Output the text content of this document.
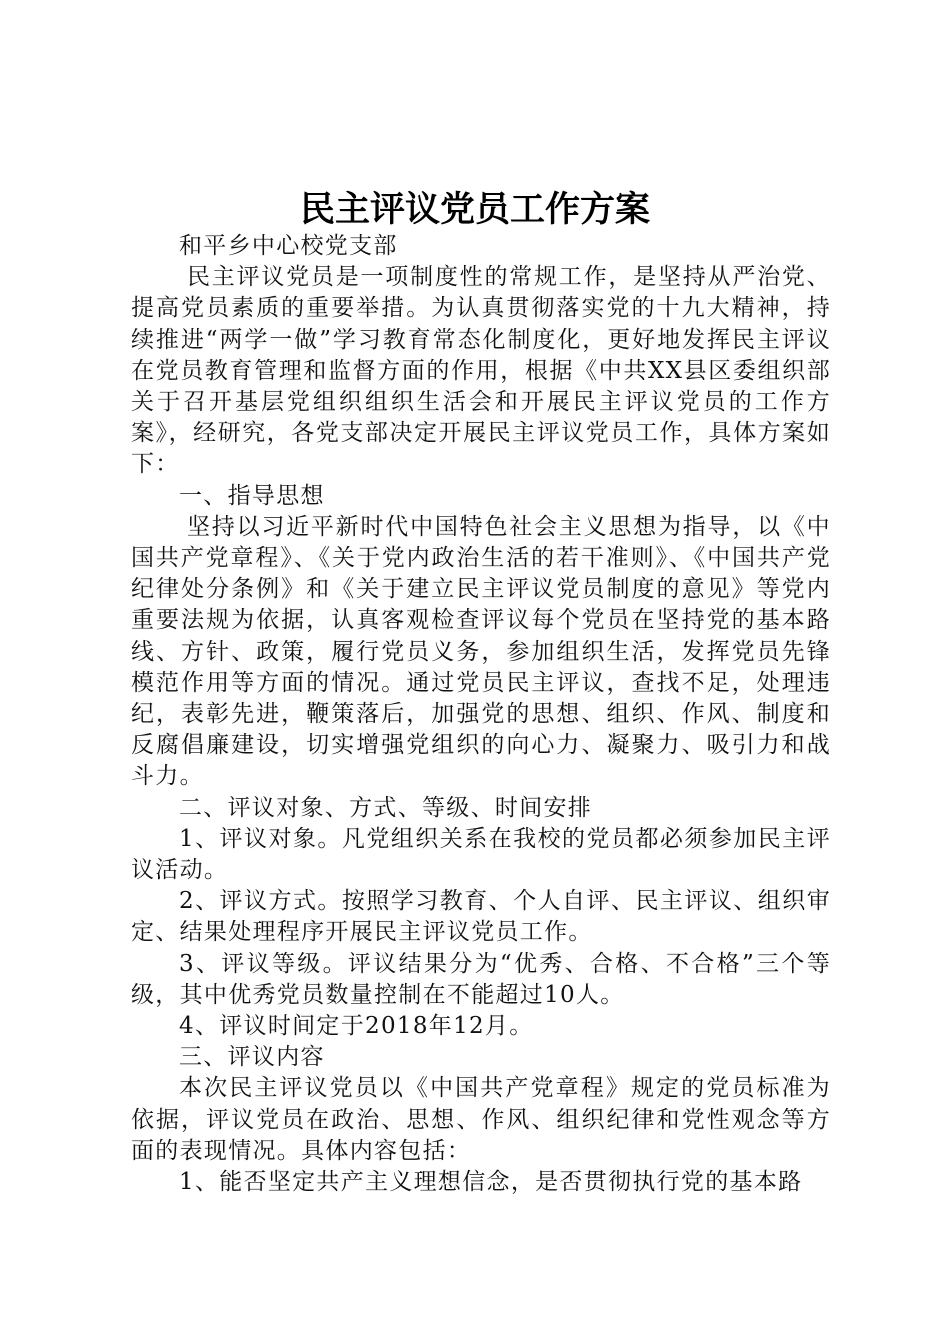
民主评议党员工作方案

和平乡中心校党支部

民主评议党员是一项制度性的常规工作，是坚持从严治党、提高党员素质的重要举措。为认真贯彻落实党的十九大精神，持续推进“两学一做”学习教育常态化制度化，更好地发挥民主评议在党员教育管理和监督方面的作用，根据《中共XX县区委组织部关于召开基层党组织组织生活会和开展民主评议党员的工作方案》，经研究，各党支部决定开展民主评议党员工作，具体方案如下：

一、指导思想

坚持以习近平新时代中国特色社会主义思想为指导，以《中国共产党章程》、《关于党内政治生活的若干准则》、《中国共产党纪律处分条例》和《关于建立民主评议党员制度的意见》等党内重要法规为依据，认真客观检查评议每个党员在坚持党的基本路线、方针、政策，履行党员义务，参加组织生活，发挥党员先锋模范作用等方面的情况。通过党员民主评议，查找不足，处理违纪，表彰先进，鞭策落后，加强党的思想、组织、作风、制度和反腐倡廉建设，切实增强党组织的向心力、凝聚力、吸引力和战斗力。

二、评议对象、方式、等级、时间安排

1、评议对象。凡党组织关系在我校的党员都必须参加民主评议活动。

2、评议方式。按照学习教育、个人自评、民主评议、组织审定、结果处理程序开展民主评议党员工作。

3、评议等级。评议结果分为“优秀、合格、不合格”三个等级，其中优秀党员数量控制在不能超过10人。

4、评议时间定于2018年12月。

三、评议内容

本次民主评议党员以《中国共产党章程》规定的党员标准为依据，评议党员在政治、思想、作风、组织纪律和党性观念等方面的表现情况。具体内容包括：

1、能否坚定共产主义理想信念，是否贯彻执行党的基本路
